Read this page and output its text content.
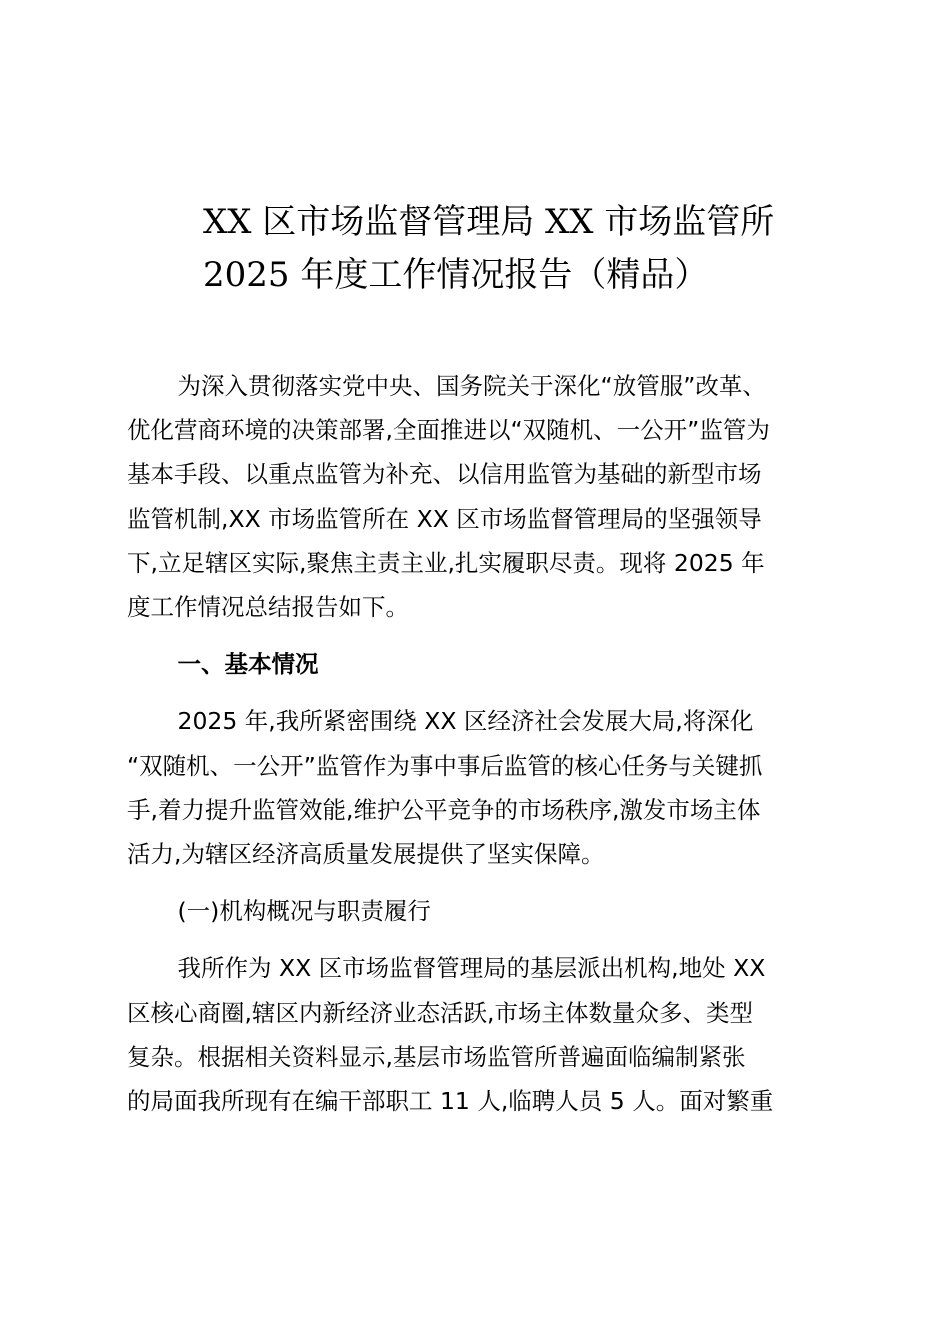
XX 区市场监督管理局 XX 市场监管所
2025 年度工作情况报告（精品）
为深入贯彻落实党中央、国务院关于深化“放管服”改革、
优化营商环境的决策部署,全面推进以“双随机、一公开”监管为
基本手段、以重点监管为补充、以信用监管为基础的新型市场
监管机制,XX 市场监管所在 XX 区市场监督管理局的坚强领导
下,立足辖区实际,聚焦主责主业,扎实履职尽责。现将 2025 年
度工作情况总结报告如下。
一、基本情况
2025 年,我所紧密围绕 XX 区经济社会发展大局,将深化
“双随机、一公开”监管作为事中事后监管的核心任务与关键抓
手,着力提升监管效能,维护公平竞争的市场秩序,激发市场主体
活力,为辖区经济高质量发展提供了坚实保障。
(一)机构概况与职责履行
我所作为 XX 区市场监督管理局的基层派出机构,地处 XX
区核心商圈,辖区内新经济业态活跃,市场主体数量众多、类型
复杂。根据相关资料显示,基层市场监管所普遍面临编制紧张
的局面我所现有在编干部职工 11 人,临聘人员 5 人。面对繁重
